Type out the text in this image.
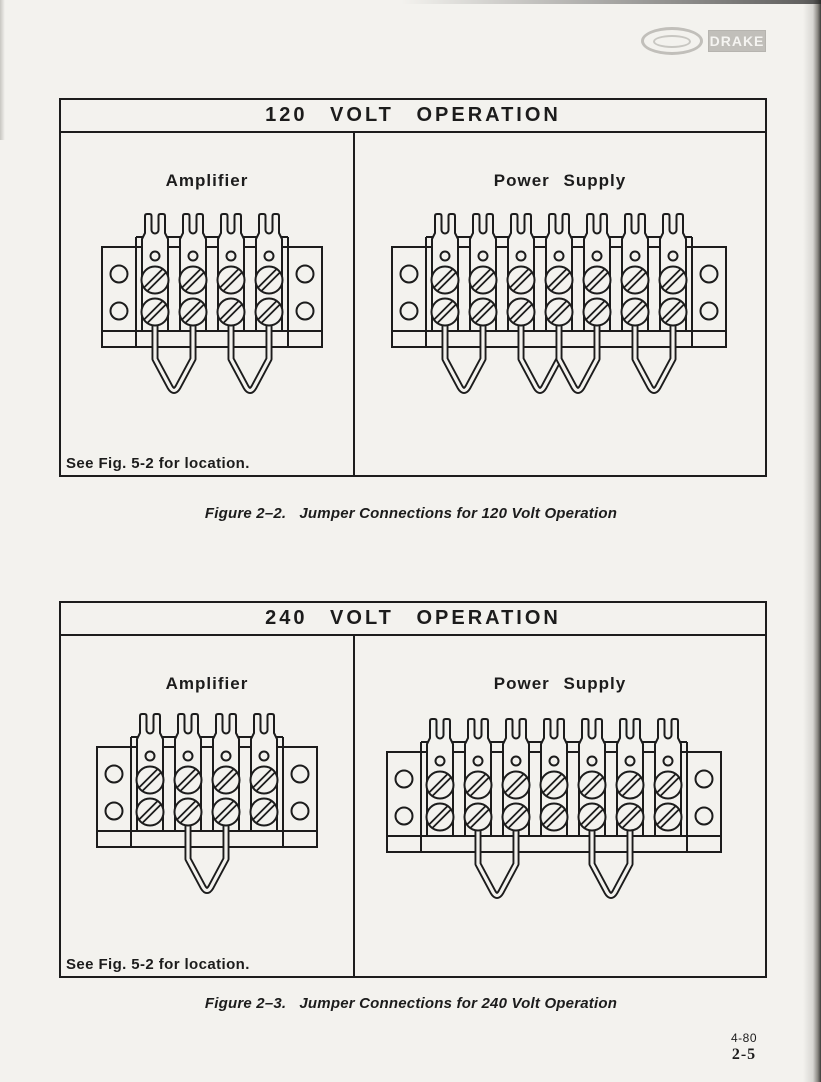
DRAKE
120 VOLT OPERATION
Amplifier	Power Supply
See Fig. 5-2 for location.
Figure 2–2.   Jumper Connections for 120 Volt Operation
240 VOLT OPERATION
Amplifier	Power Supply
See Fig. 5-2 for location.
Figure 2–3.   Jumper Connections for 240 Volt Operation
4-80
2-5
